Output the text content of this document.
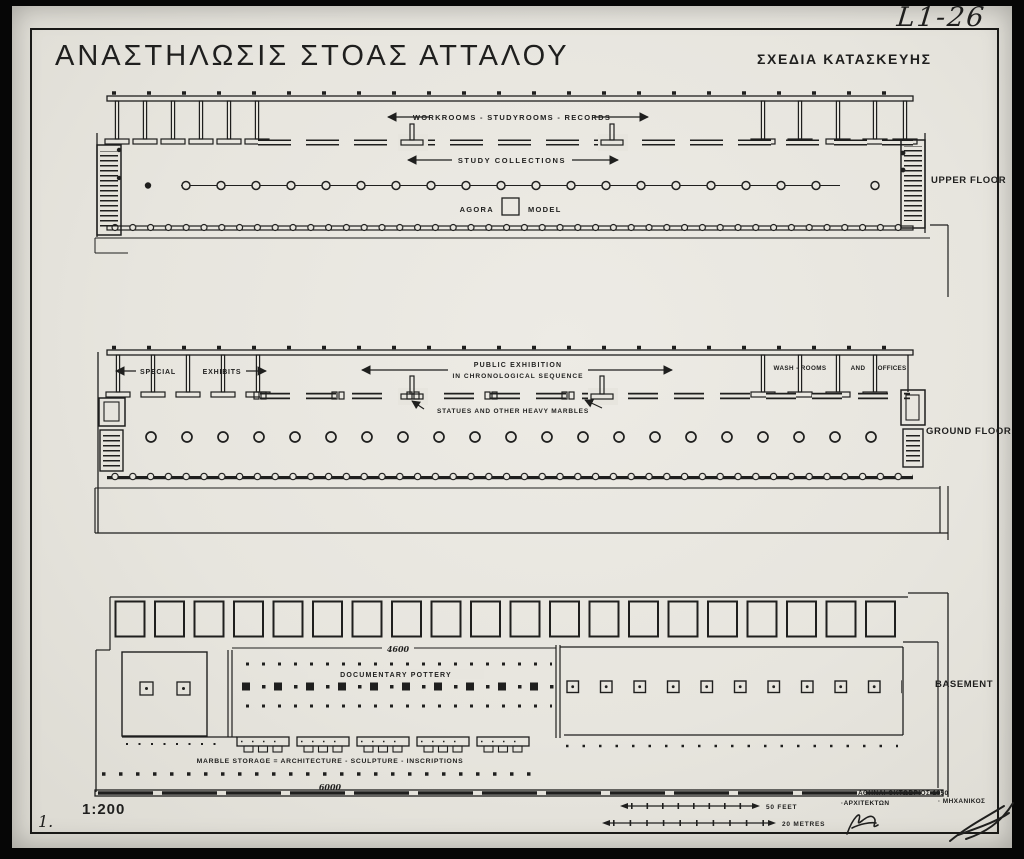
L1-26
ΑΝΑΣΤΗΛΩΣΙΣ ΣΤΟΑΣ ΑΤΤΑΛΟΥ	ΣΧΕΔΙΑ ΚΑΤΑΣΚΕΥΗΣ
WORKROOMS - STUDYROOMS - RECORDS
STUDY COLLECTIONS
AGORA	MODEL
UPPER FLOOR
SPECIAL	EXHIBITS
PUBLIC EXHIBITION
IN CHRONOLOGICAL SEQUENCE
WASH - ROOMS	AND OFFICES
STATUES AND OTHER HEAVY MARBLES
GROUND FLOOR
4600
DOCUMENTARY POTTERY
MARBLE STORAGE = ARCHITECTURE - SCULPTURE - INSCRIPTIONS
6000
BASEMENT
50 FEET
20 METRES
ΑΘΗΝΑΙ ΟΚΤΩΒΡΙΟΣ 1950
·ΑΡΧΙΤΕΚΤΩΝ	· ΜΗΧΑΝΙΚΟΣ
1:200
1.
